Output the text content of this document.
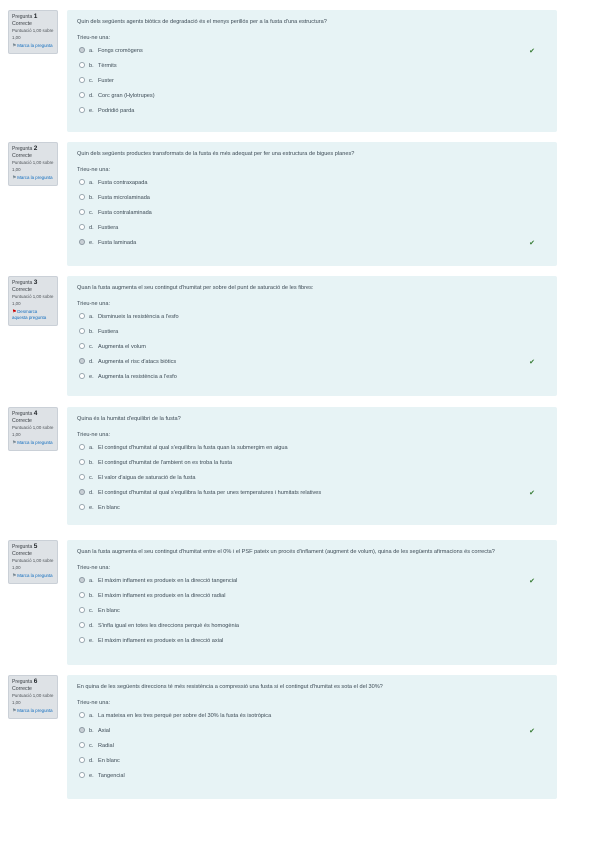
Pregunta 1
Correcte
Puntuació 1,00 sobre 1,00
⚑ Marca la pregunta

Quin dels següents agents biòtics de degradació és el menys perillós per a la fusta d'una estructura?

Trieu-ne una:

a. Fongs cromògens	✔
b. Tèrmits
c. Fuster
d. Corc gran (Hylotrupes)
e. Podridió parda
Pregunta 2
Correcte
Puntuació 1,00 sobre 1,00
⚑ Marca la pregunta

Quin dels següents productes transformats de la fusta és més adequat per fer una estructura de bigues planes?

Trieu-ne una:

a. Fusta contraxapada
b. Fusta microlaminada
c. Fusta contralaminada
d. Fustiera
e. Fusta laminada	✔
Pregunta 3
Correcte
Puntuació 1,00 sobre 1,00
⚑ Desmarca aquesta pregunta

Quan la fusta augmenta el seu contingut d'humitat per sobre del punt de saturació de les fibres:

Trieu-ne una:

a. Disminueix la resistència a l'esfo
b. Fustiera
c. Augmenta el volum
d. Augmenta el risc d'atacs biòtics	✔
e. Augmenta la resistència a l'esfo
Pregunta 4
Correcte
Puntuació 1,00 sobre 1,00
⚑ Marca la pregunta

Quina és la humitat d'equilibri de la fusta?

Trieu-ne una:

a. El contingut d'humitat al qual s'equilibra la fusta quan la submergim en aigua
b. El contingut d'humitat de l'ambient on es troba la fusta
c. El valor d'aigua de saturació de la fusta
d. El contingut d'humitat al qual s'equilibra la fusta per unes temperatures i humitats relatives	✔
e. En blanc
Pregunta 5
Correcte
Puntuació 1,00 sobre 1,00
⚑ Marca la pregunta

Quan la fusta augmenta el seu contingut d'humitat entre el 0% i el PSF pateix un procés d'inflament (augment de volum), quina de les següents afirmacions és correcta?

Trieu-ne una:

a. El màxim inflament es produeix en la direcció tangencial	✔
b. El màxim inflament es produeix en la direcció radial
c. En blanc
d. S'infla igual en totes les direccions perquè és homogènia
e. El màxim inflament es produeix en la direcció axial
Pregunta 6
Correcte
Puntuació 1,00 sobre 1,00
⚑ Marca la pregunta

En quina de les següents direccions té més resistència a compressió una fusta si el contingut d'humitat es sota el del 30%?

Trieu-ne una:

a. La mateixa en les tres perquè per sobre del 30% la fusta és isotròpica
b. Axial	✔
c. Radial
d. En blanc
e. Tangencial
